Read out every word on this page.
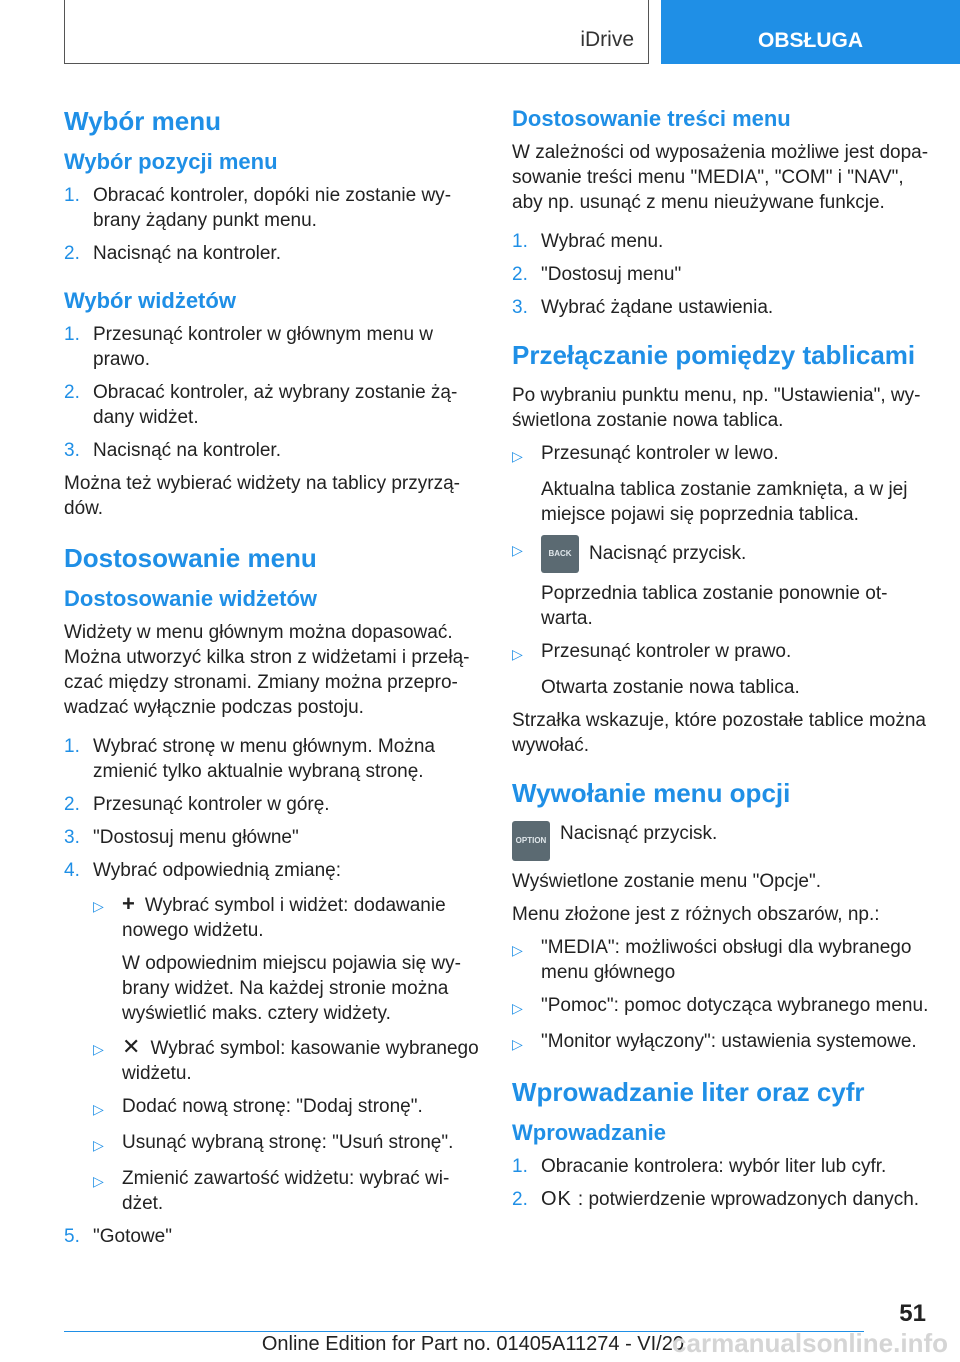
iDrive	OBSŁUGA
Wybór menu
Wybór pozycji menu
1. Obracać kontroler, dopóki nie zostanie wybrany żądany punkt menu.
2. Nacisnąć na kontroler.
Wybór widżetów
1. Przesunąć kontroler w głównym menu w prawo.
2. Obracać kontroler, aż wybrany zostanie żądany widżet.
3. Nacisnąć na kontroler.
Można też wybierać widżety na tablicy przyrządów.
Dostosowanie menu
Dostosowanie widżetów
Widżety w menu głównym można dopasować. Można utworzyć kilka stron z widżetami i przełączać między stronami. Zmiany można przeprowadzać wyłącznie podczas postoju.
1. Wybrać stronę w menu głównym. Można zmienić tylko aktualnie wybraną stronę.
2. Przesunąć kontroler w górę.
3. "Dostosuj menu główne"
4. Wybrać odpowiednią zmianę:
▷ + Wybrać symbol i widżet: dodawanie nowego widżetu.
W odpowiednim miejscu pojawia się wybrany widżet. Na każdej stronie można wyświetlić maks. cztery widżety.
▷ ✕ Wybrać symbol: kasowanie wybranego widżetu.
▷ Dodać nową stronę: "Dodaj stronę".
▷ Usunąć wybraną stronę: "Usuń stronę".
▷ Zmienić zawartość widżetu: wybrać widżet.
5. "Gotowe"
Dostosowanie treści menu
W zależności od wyposażenia możliwe jest dopasowanie treści menu "MEDIA", "COM" i "NAV", aby np. usunąć z menu nieużywane funkcje.
1. Wybrać menu.
2. "Dostosuj menu"
3. Wybrać żądane ustawienia.
Przełączanie pomiędzy tablicami
Po wybraniu punktu menu, np. "Ustawienia", wyświetlona zostanie nowa tablica.
▷ Przesunąć kontroler w lewo.
Aktualna tablica zostanie zamknięta, a w jej miejsce pojawi się poprzednia tablica.
▷	BACK Nacisnąć przycisk.
Poprzednia tablica zostanie ponownie otwarta.
▷ Przesunąć kontroler w prawo.
Otwarta zostanie nowa tablica.
Strzałka wskazuje, które pozostałe tablice można wywołać.
Wywołanie menu opcji
OPTION Nacisnąć przycisk.
Wyświetlone zostanie menu "Opcje".
Menu złożone jest z różnych obszarów, np.:
▷ "MEDIA": możliwości obsługi dla wybranego menu głównego
▷ "Pomoc": pomoc dotycząca wybranego menu.
▷ "Monitor wyłączony": ustawienia systemowe.
Wprowadzanie liter oraz cyfr
Wprowadzanie
1. Obracanie kontrolera: wybór liter lub cyfr.
2. OK : potwierdzenie wprowadzonych danych.
51
Online Edition for Part no. 01405A11274 - VI/20
carmanualsonline.info
